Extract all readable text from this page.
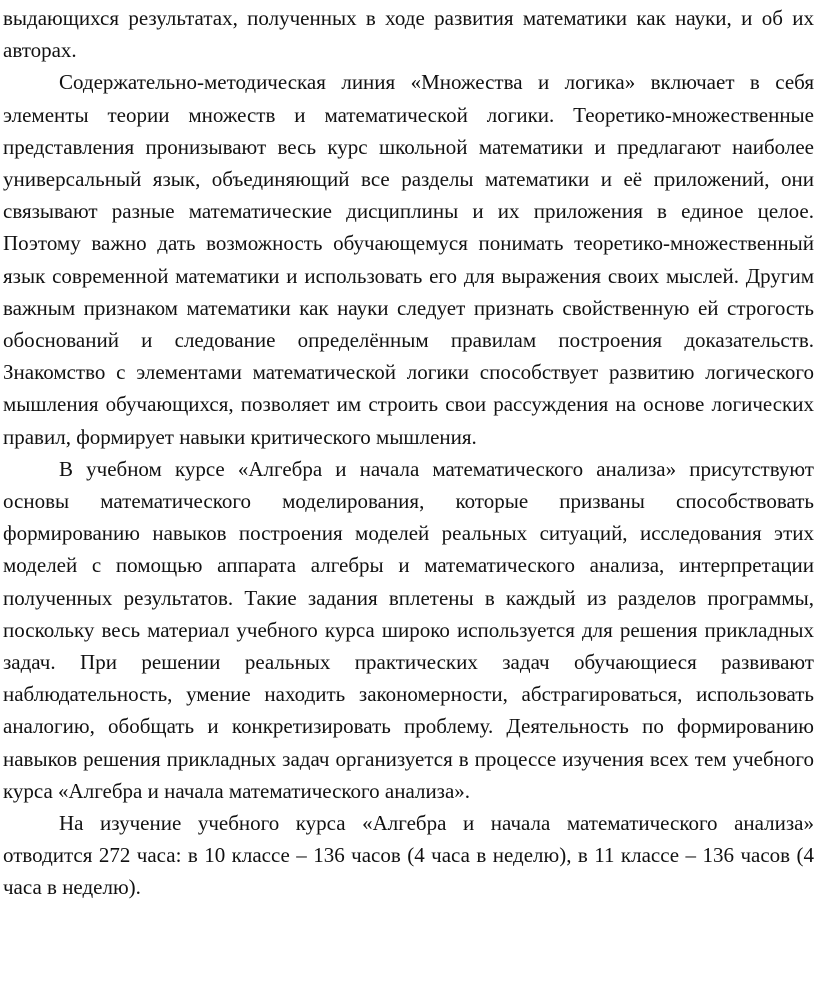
выдающихся результатах, полученных в ходе развития математики как науки, и об их авторах.

Содержательно-методическая линия «Множества и логика» включает в себя элементы теории множеств и математической логики. Теоретико-множественные представления пронизывают весь курс школьной математики и предлагают наиболее универсальный язык, объединяющий все разделы математики и её приложений, они связывают разные математические дисциплины и их приложения в единое целое. Поэтому важно дать возможность обучающемуся понимать теоретико-множественный язык современной математики и использовать его для выражения своих мыслей. Другим важным признаком математики как науки следует признать свойственную ей строгость обоснований и следование определённым правилам построения доказательств. Знакомство с элементами математической логики способствует развитию логического мышления обучающихся, позволяет им строить свои рассуждения на основе логических правил, формирует навыки критического мышления.

В учебном курсе «Алгебра и начала математического анализа» присутствуют основы математического моделирования, которые призваны способствовать формированию навыков построения моделей реальных ситуаций, исследования этих моделей с помощью аппарата алгебры и математического анализа, интерпретации полученных результатов. Такие задания вплетены в каждый из разделов программы, поскольку весь материал учебного курса широко используется для решения прикладных задач. При решении реальных практических задач обучающиеся развивают наблюдательность, умение находить закономерности, абстрагироваться, использовать аналогию, обобщать и конкретизировать проблему. Деятельность по формированию навыков решения прикладных задач организуется в процессе изучения всех тем учебного курса «Алгебра и начала математического анализа».

На изучение учебного курса «Алгебра и начала математического анализа» отводится 272 часа: в 10 классе – 136 часов (4 часа в неделю), в 11 классе – 136 часов (4 часа в неделю).
